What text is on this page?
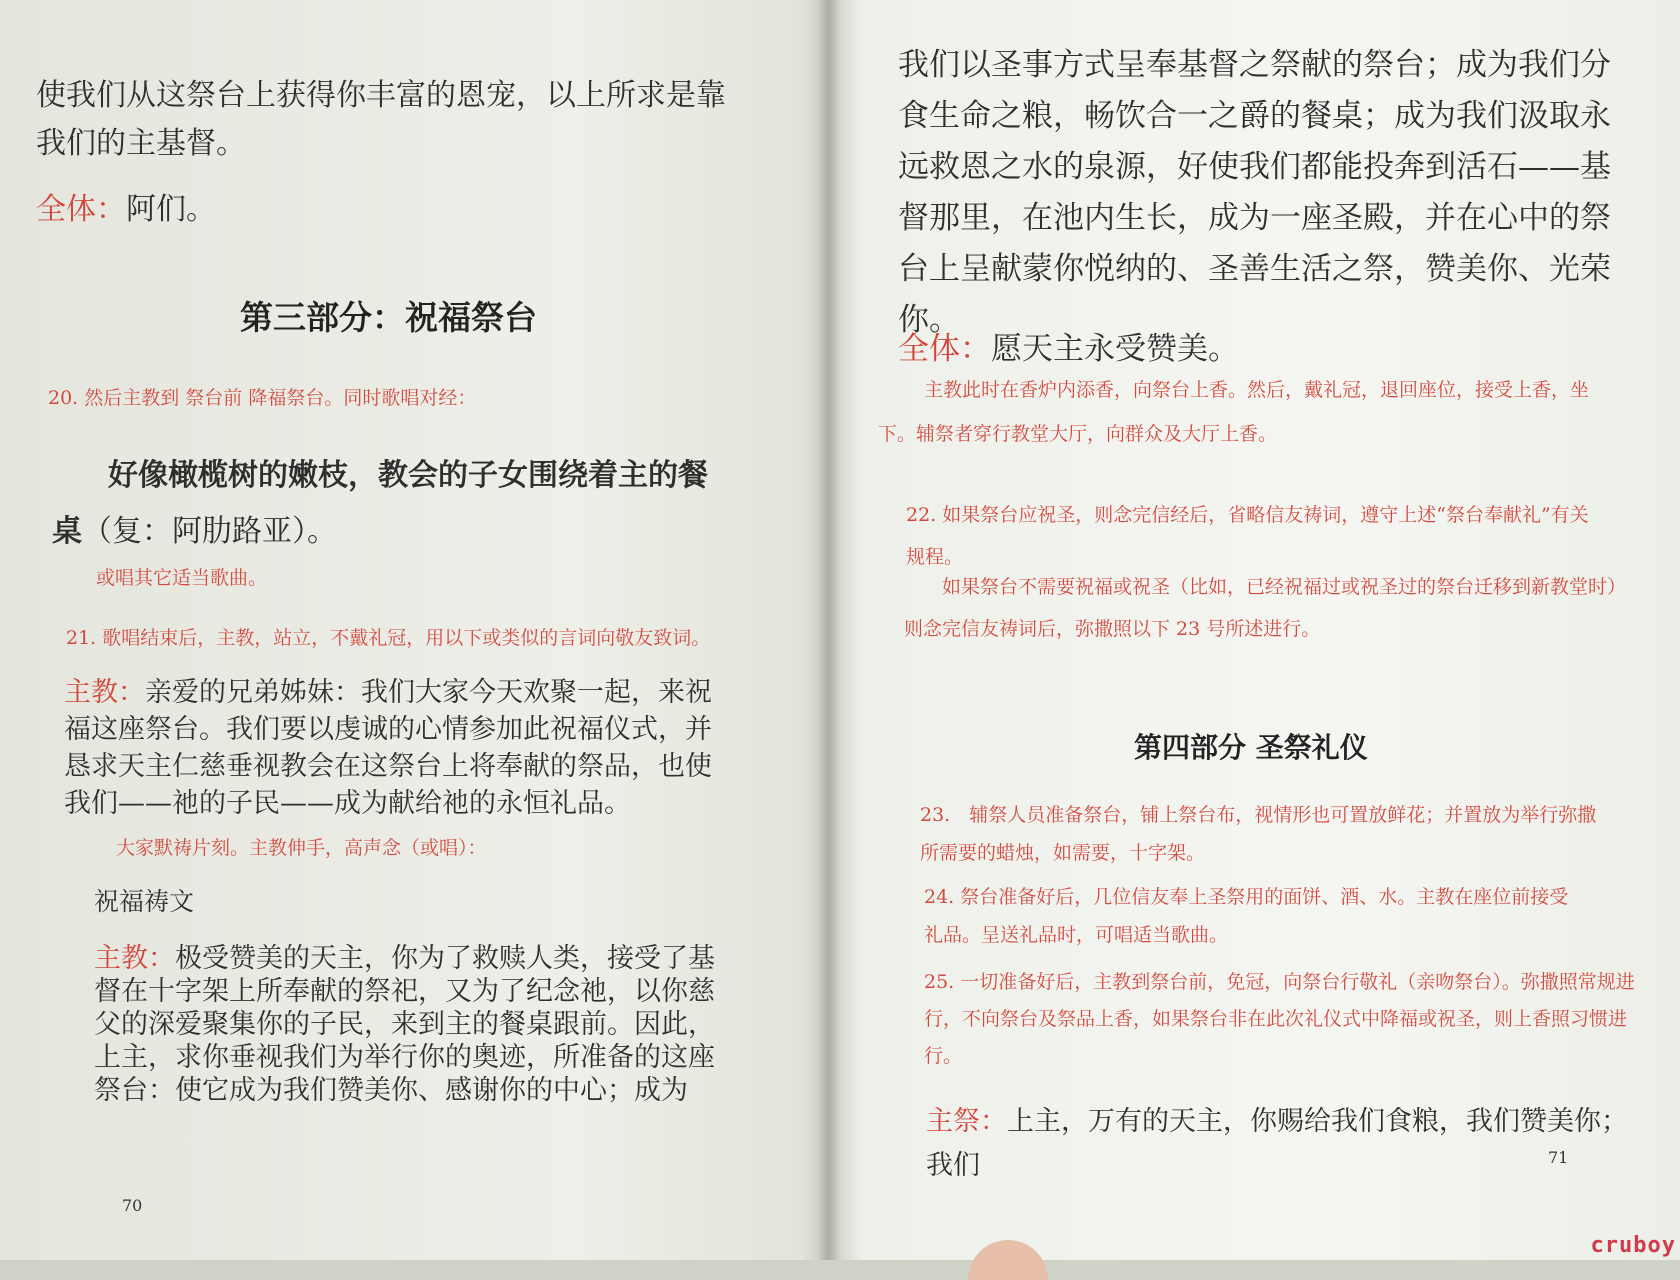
使我们从这祭台上获得你丰富的恩宠，以上所求是靠我们的主基督。

全体：阿们。

第三部分：祝福祭台

20. 然后主教到 祭台前 降福祭台。同时歌唱对经：

好像橄榄树的嫩枝，教会的子女围绕着主的餐桌（复：阿肋路亚）。

或唱其它适当歌曲。

21. 歌唱结束后，主教，站立，不戴礼冠，用以下或类似的言词向敬友致词。

主教：亲爱的兄弟姊妹：我们大家今天欢聚一起，来祝福这座祭台。我们要以虔诚的心情参加此祝福仪式，并恳求天主仁慈垂视教会在这祭台上将奉献的祭品，也使我们——祂的子民——成为献给祂的永恒礼品。

大家默祷片刻。主教伸手，高声念（或唱）：

祝福祷文

主教：极受赞美的天主，你为了救赎人类，接受了基督在十字架上所奉献的祭祀，又为了纪念祂，以你慈父的深爱聚集你的子民，来到主的餐桌跟前。因此，上主，求你垂视我们为举行你的奥迹，所准备的这座祭台：使它成为我们赞美你、感谢你的中心；成为

70

我们以圣事方式呈奉基督之祭献的祭台；成为我们分食生命之粮，畅饮合一之爵的餐桌；成为我们汲取永远救恩之水的泉源，好使我们都能投奔到活石——基督那里，在池内生长，成为一座圣殿，并在心中的祭台上呈献蒙你悦纳的、圣善生活之祭，赞美你、光荣你。

全体：愿天主永受赞美。

主教此时在香炉内添香，向祭台上香。然后，戴礼冠，退回座位，接受上香，坐下。辅祭者穿行教堂大厅，向群众及大厅上香。

22. 如果祭台应祝圣，则念完信经后，省略信友祷词，遵守上述“祭台奉献礼”有关规程。

如果祭台不需要祝福或祝圣（比如，已经祝福过或祝圣过的祭台迁移到新教堂时）则念完信友祷词后，弥撒照以下 23 号所述进行。

第四部分 圣祭礼仪

23.　辅祭人员准备祭台，铺上祭台布，视情形也可置放鲜花；并置放为举行弥撒所需要的蜡烛，如需要，十字架。

24. 祭台准备好后，几位信友奉上圣祭用的面饼、酒、水。主教在座位前接受礼品。呈送礼品时，可唱适当歌曲。

25. 一切准备好后，主教到祭台前，免冠，向祭台行敬礼（亲吻祭台）。弥撒照常规进行，不向祭台及祭品上香，如果祭台非在此次礼仪式中降福或祝圣，则上香照习惯进行。

主祭：上主，万有的天主，你赐给我们食粮，我们赞美你；我们	71
cruboy
